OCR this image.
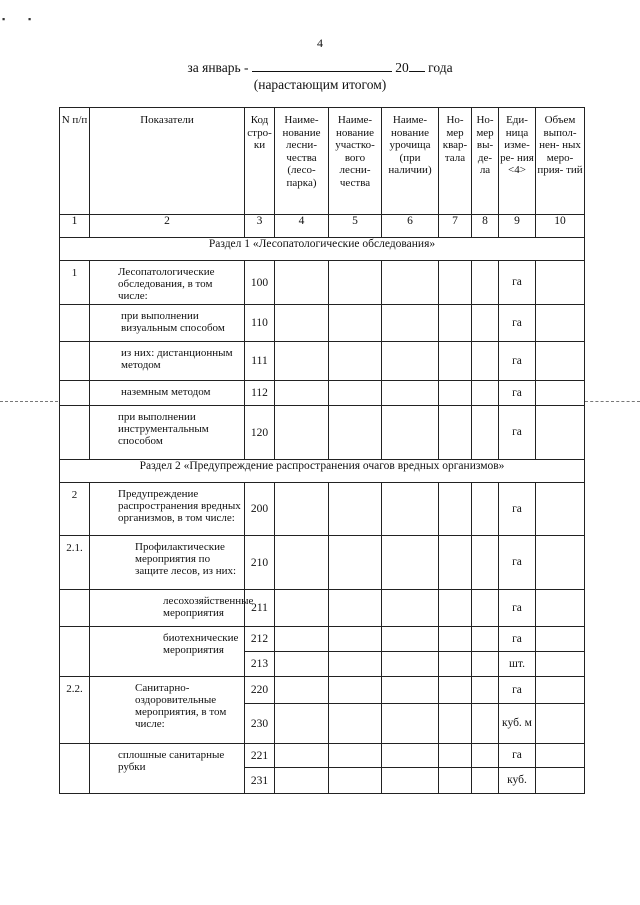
4
за январь -	20 года
(нарастающим итогом)
▪	▪
N п/п	Показатели	Код стро- ки	Наиме- нование лесни- чества (лесо- парка)	Наиме- нование участко- вого лесни- чества	Наиме- нование урочища (при наличии)	Но- мер квар- тала	Но- мер вы- де- ла	Еди- ница изме- ре- ния <4>	Объем выпол- нен- ных меро- прия- тий
1	2	3	4	5	6	7	8	9	10
Раздел 1 «Лесопатологические обследования»									
1	Лесопатологические обследования, в том числе:	100						га	
	при выполнении визуальным способом	110						га	
	из них: дистанционным методом	111						га	
	наземным методом	112						га	
	при выполнении инструментальным способом	120						га	
Раздел 2 «Предупреждение распространения очагов вредных организмов»									
2	Предупреждение распространения вредных организмов, в том числе:	200						га	
2.1.	Профилактические мероприятия по защите лесов, из них:	210						га	
	лесохозяйственные мероприятия	211						га	
	биотехнические мероприятия	212						га	
		213						шт.	
2.2.	Санитарно- оздоровительные мероприятия, в том числе:	220						га	
		230						куб. м	
	сплошные санитарные рубки	221						га	
		231						куб.	
